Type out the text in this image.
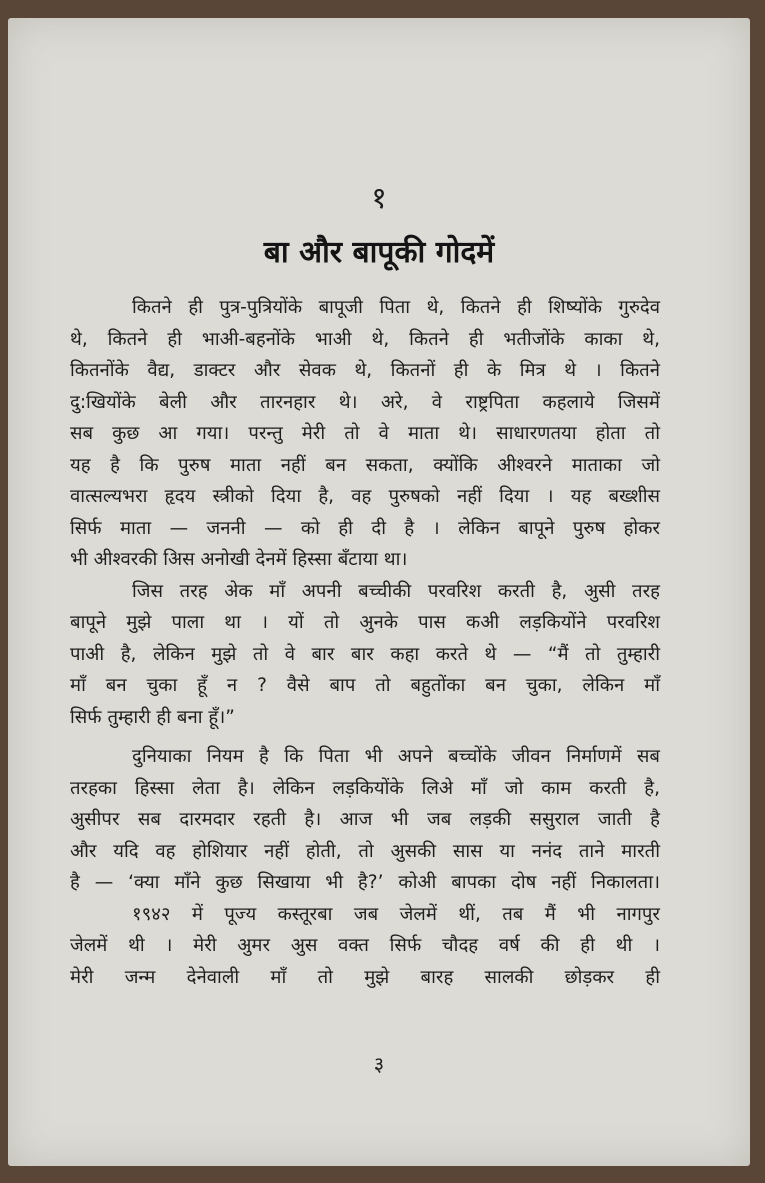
१
बा और बापूकी गोदमें
कितने ही पुत्र-पुत्रियोंके बापूजी पिता थे, कितने ही शिष्योंके गुरुदेव
थे, कितने ही भाअी-बहनोंके भाअी थे, कितने ही भतीजोंके काका थे,
कितनोंके वैद्य, डाक्टर और सेवक थे, कितनों ही के मित्र थे । कितने
दु:खियोंके बेली और तारनहार थे। अरे, वे राष्ट्रपिता कहलाये जिसमें
सब कुछ आ गया। परन्तु मेरी तो वे माता थे। साधारणतया होता तो
यह है कि पुरुष माता नहीं बन सकता, क्योंकि अीश्वरने माताका जो
वात्सल्यभरा हृदय स्त्रीको दिया है, वह पुरुषको नहीं दिया । यह बख्शीस
सिर्फ माता — जननी — को ही दी है । लेकिन बापूने पुरुष होकर
भी अीश्वरकी अिस अनोखी देनमें हिस्सा बँटाया था।
जिस तरह अेक माँ अपनी बच्चीकी परवरिश करती है, अुसी तरह
बापूने मुझे पाला था । यों तो अुनके पास कअी लड़कियोंने परवरिश
पाअी है, लेकिन मुझे तो वे बार बार कहा करते थे — “मैं तो तुम्हारी
माँ बन चुका हूँ न ? वैसे बाप तो बहुतोंका बन चुका, लेकिन माँ
सिर्फ तुम्हारी ही बना हूँ।”
दुनियाका नियम है कि पिता भी अपने बच्चोंके जीवन निर्माणमें सब
तरहका हिस्सा लेता है। लेकिन लड़कियोंके लिअे माँ जो काम करती है,
अुसीपर सब दारमदार रहती है। आज भी जब लड़की ससुराल जाती है
और यदि वह होशियार नहीं होती, तो अुसकी सास या ननंद ताने मारती
है — ‘क्या माँने कुछ सिखाया भी है?’ कोअी बापका दोष नहीं निकालता।
१९४२ में पूज्य कस्तूरबा जब जेलमें थीं, तब मैं भी नागपुर
जेलमें थी । मेरी अुमर अुस वक्त सिर्फ चौदह वर्ष की ही थी ।
मेरी जन्म देनेवाली माँ तो मुझे बारह सालकी छोड़कर ही
३
